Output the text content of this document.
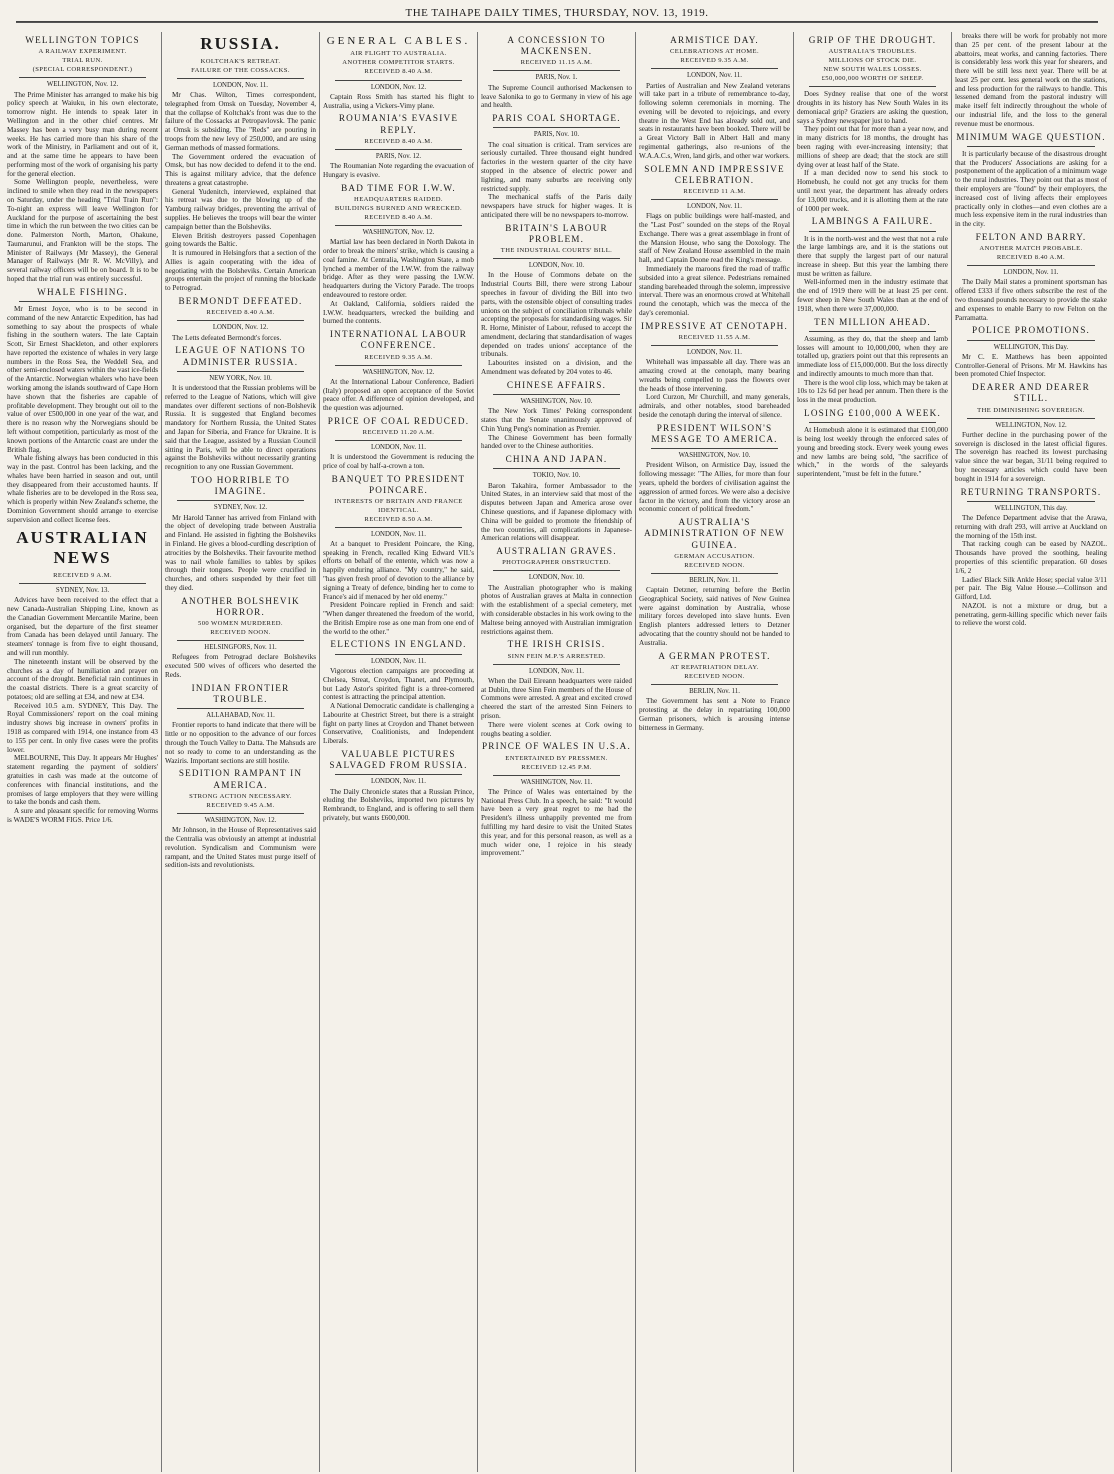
THE TAIHAPE DAILY TIMES, THURSDAY, NOV. 13, 1919.
WELLINGTON TOPICS
A RAILWAY EXPERIMENT.
TRIAL RUN.
(SPECIAL CORRESPONDENT.)
WELLINGTON, Nov. 12.

The Prime Minister has arranged to make his big policy speech at Waiuku, in his own electorate, tomorrow night. He intends to speak later in Wellington and in the other chief centres. Mr Massey has been a very busy man during recent weeks. He has carried more than his share of the work of the Ministry, in Parliament and out of it, and at the same time he appears to have been performing most of the work of organising his party for the general election.

Some Wellington people, nevertheless, were inclined to smile when they read in the newspapers on Saturday, under the heading "Trial Train Run": To-night an express will leave Wellington for Auckland for the purpose of ascertaining the best time in which the run between the two cities can be done. Palmerston North, Marton, Ohakune, Taumarunui, and Frankton will be the stops. The Minister of Railways (Mr Massey), the General Manager of Railways (Mr R. W. McVilly), and several railway officers will be on board. It is to be hoped that the trial run was entirely successful.

WHALE FISHING.

Mr Ernest Joyce, who is to be second in command of the new Antarctic Expedition, has had something to say about the prospects of whale fishing in the southern waters. The late Captain Scott, Sir Ernest Shackleton, and other explorers have reported the existence of whales in very large numbers in the Ross Sea, the Weddell Sea, and other semi-enclosed waters within the vast ice-fields of the Antarctic. Norwegian whalers who have been working among the islands southward of Cape Horn have shown that the fisheries are capable of profitable development. They brought out oil to the value of over £500,000 in one year of the war, and there is no reason why the Norwegians should be left without competition, particularly as most of the known portions of the Antarctic coast are under the British flag.

Whale fishing always has been conducted in this way in the past. Control has been lacking, and the whales have been harried in season and out, until they disappeared from their accustomed haunts. If whale fisheries are to be developed in the Ross sea, which is properly within New Zealand's scheme, the Dominion Government should arrange to exercise supervision and collect license fees.

AUSTRALIAN NEWS
RECEIVED 9 A.M.
SYDNEY, Nov. 13.

Advices have been received to the effect that a new Canada-Australian Shipping Line, known as the Canadian Government Mercantile Marine, been organised, but the departure of the first steamer from Canada has been delayed until January. The steamers' tonnage is from five to eight thousand, and will run monthly.

The nineteenth instant will be observed by the churches as a day of humiliation and prayer on account of the drought. Beneficial rain continues in the coastal districts. There is a great scarcity of potatoes; old are selling at £34, and new at £34.

Received 10.5 a.m. SYDNEY, This Day. The Royal Commissioners' report on the coal mining industry shows big increase in owners' profits in 1918 as compared with 1914, one instance from 43 to 155 per cent. In only five cases were the profits lower.

MELBOURNE, This Day. It appears Mr Hughes' statement regarding the payment of soldiers' gratuities in cash was made at the outcome of conferences with financial institutions, and the promises of large employers that they were willing to take the bonds and cash them.

A sure and pleasant specific for removing Worms is WADE'S WORM FIGS. Price 1/6.

RUSSIA.
KOLTCHAK'S RETREAT.
FAILURE OF THE COSSACKS.
LONDON, Nov. 11.

Mr Chas. Wilton, Times correspondent, telegraphed from Omsk on Tuesday, November 4, that the collapse of Koltchak's front was due to the failure of the Cossacks at Petropavlovsk. The panic at Omsk is subsiding. The "Reds" are pouring in troops from the new levy of 250,000, and are using German methods of massed formations.

The Government ordered the evacuation of Omsk, but has now decided to defend it to the end. This is against military advice, that the defence threatens a great catastrophe.

General Yudenitch, interviewed, explained that his retreat was due to the blowing up of the Yamburg railway bridges, preventing the arrival of supplies. He believes the troops will bear the winter campaign better than the Bolsheviks.

Eleven British destroyers passed Copenhagen going towards the Baltic.

It is rumoured in Helsingfors that a section of the Allies is again cooperating with the idea of negotiating with the Bolsheviks. Certain American groups entertain the project of running the blockade to Petrograd.

BERMONDT DEFEATED.
RECEIVED 8.40 A.M.
LONDON, Nov. 12.

The Letts defeated Bermondt's forces.

LEAGUE OF NATIONS TO ADMINISTER RUSSIA.
NEW YORK, Nov. 10.

It is understood that the Russian problems will be referred to the League of Nations, which will give mandates over different sections of non-Bolshevik Russia. It is suggested that England becomes mandatory for Northern Russia, the United States and Japan for Siberia, and France for Ukraine. It is said that the League, assisted by a Russian Council sitting in Paris, will be able to direct operations against the Bolsheviks without necessarily granting recognition to any one Russian Government.

TOO HORRIBLE TO IMAGINE.
SYDNEY, Nov. 12.

Mr Harold Tanner has arrived from Finland with the object of developing trade between Australia and Finland. He assisted in fighting the Bolsheviks in Finland. He gives a blood-curdling description of atrocities by the Bolsheviks. Their favourite method was to nail whole families to tables by spikes through their tongues. People were crucified in churches, and others suspended by their feet till they died.

ANOTHER BOLSHEVIK HORROR.
500 WOMEN MURDERED.
RECEIVED NOON.
HELSINGFORS, Nov. 11.

Refugees from Petrograd declare Bolsheviks executed 500 wives of officers who deserted the Reds.

INDIAN FRONTIER TROUBLE.
ALLAHABAD, Nov. 11.

Frontier reports to hand indicate that there will be little or no opposition to the advance of our forces through the Touch Valley to Datta. The Mahsuds are not so ready to come to an understanding as the Waziris. Important sections are still hostile.

SEDITION RAMPANT IN AMERICA.
STRONG ACTION NECESSARY.
RECEIVED 9.45 A.M.
WASHINGTON, Nov. 12.

Mr Johnson, in the House of Representatives said the Centralia was obviously an attempt at industrial revolution. Syndicalism and Communism were rampant, and the United States must purge itself of sedition-ists and revolutionists.

GENERAL CABLES.
AIR FLIGHT TO AUSTRALIA.
ANOTHER COMPETITOR STARTS.
RECEIVED 8.40 A.M.
LONDON, Nov. 12.

Captain Ross Smith has started his flight to Australia, using a Vickers-Vimy plane.

ROUMANIA'S EVASIVE REPLY.
RECEIVED 8.40 A.M.
PARIS, Nov. 12.

The Roumanian Note regarding the evacuation of Hungary is evasive.

BAD TIME FOR I.W.W.
HEADQUARTERS RAIDED.
BUILDINGS BURNED AND WRECKED.
RECEIVED 8.40 A.M.
WASHINGTON, Nov. 12.

Martial law has been declared in North Dakota in order to break the miners' strike, which is causing a coal famine. At Centralia, Washington State, a mob lynched a member of the I.W.W. from the railway bridge. After as they were passing the I.W.W. headquarters during the Victory Parade. The troops endeavoured to restore order.

At Oakland, California, soldiers raided the I.W.W. headquarters, wrecked the building and burned the contents.

INTERNATIONAL LABOUR CONFERENCE.
RECEIVED 9.35 A.M.
WASHINGTON, Nov. 12.

At the International Labour Conference, Badieri (Italy) proposed an open acceptance of the Soviet peace offer. A difference of opinion developed, and the question was adjourned.

PRICE OF COAL REDUCED.
RECEIVED 11.20 A.M.
LONDON, Nov. 11.

It is understood the Government is reducing the price of coal by half-a-crown a ton.

BANQUET TO PRESIDENT POINCARE.
INTERESTS OF BRITAIN AND FRANCE IDENTICAL.
RECEIVED 8.50 A.M.
LONDON, Nov. 11.

At a banquet to President Poincare, the King, speaking in French, recalled King Edward VII.'s efforts on behalf of the entente, which was now a happily enduring alliance. "My country," he said, "has given fresh proof of devotion to the alliance by signing a Treaty of defence, binding her to come to France's aid if menaced by her old enemy."

President Poincare replied in French and said: "When danger threatened the freedom of the world, the British Empire rose as one man from one end of the world to the other."

ELECTIONS IN ENGLAND.
LONDON, Nov. 11.

Vigorous election campaigns are proceeding at Chelsea, Streat, Croydon, Thanet, and Plymouth, but Lady Astor's spirited fight is a three-cornered contest is attracting the principal attention.

A National Democratic candidate is challenging a Labourite at Chestrict Street, but there is a straight fight on party lines at Croydon and Thanet between Conservative, Coalitionists, and Independent Liberals.

VALUABLE PICTURES SALVAGED FROM RUSSIA.
LONDON, Nov. 11.

The Daily Chronicle states that a Russian Prince, eluding the Bolsheviks, imported two pictures by Rembrandt, to England, and is offering to sell them privately, but wants £600,000.

A CONCESSION TO MACKENSEN.
RECEIVED 11.15 A.M.
PARIS, Nov. 1.

The Supreme Council authorised Mackensen to leave Salonika to go to Germany in view of his age and health.

PARIS COAL SHORTAGE.
PARIS, Nov. 10.

The coal situation is critical. Tram services are seriously curtailed. Three thousand eight hundred factories in the western quarter of the city have stopped in the absence of electric power and lighting, and many suburbs are receiving only restricted supply.

The mechanical staffs of the Paris daily newspapers have struck for higher wages. It is anticipated there will be no newspapers to-morrow.

BRITAIN'S LABOUR PROBLEM.
THE INDUSTRIAL COURTS' BILL.
LONDON, Nov. 10.

In the House of Commons debate on the Industrial Courts Bill, there were strong Labour speeches in favour of dividing the Bill into two parts, with the ostensible object of consulting trades unions on the subject of conciliation tribunals while accepting the proposals for standardising wages. Sir R. Horne, Minister of Labour, refused to accept the amendment, declaring that standardisation of wages depended on trades unions' acceptance of the tribunals.

Labourites insisted on a division, and the Amendment was defeated by 204 votes to 46.

CHINESE AFFAIRS.
WASHINGTON, Nov. 10.

The New York Times' Peking correspondent states that the Senate unanimously approved of Chin Yung Peng's nomination as Premier.

The Chinese Government has been formally handed over to the Chinese authorities.

CHINA AND JAPAN.
TOKIO, Nov. 10.

Baron Takahira, former Ambassador to the United States, in an interview said that most of the disputes between Japan and America arose over Chinese questions, and if Japanese diplomacy with China will be guided to promote the friendship of the two countries, all complications in Japanese-American relations will disappear.

AUSTRALIAN GRAVES.
PHOTOGRAPHER OBSTRUCTED.
LONDON, Nov. 10.

The Australian photographer who is making photos of Australian graves at Malta in connection with the establishment of a special cemetery, met with considerable obstacles in his work owing to the Maltese being annoyed with Australian immigration restrictions against them.

THE IRISH CRISIS.
SINN FEIN M.P.'S ARRESTED.
LONDON, Nov. 11.

When the Dail Eireann headquarters were raided at Dublin, three Sinn Fein members of the House of Commons were arrested. A great and excited crowd cheered the start of the arrested Sinn Feiners to prison.

There were violent scenes at Cork owing to roughs beating a soldier.

PRINCE OF WALES IN U.S.A.
ENTERTAINED BY PRESSMEN.
RECEIVED 12.45 P.M.
WASHINGTON, Nov. 11.

The Prince of Wales was entertained by the National Press Club. In a speech, he said: "It would have been a very great regret to me had the President's illness unhappily prevented me from fulfilling my hard desire to visit the United States this year, and for this personal reason, as well as a much wider one, I rejoice in his steady improvement."

ARMISTICE DAY.
CELEBRATIONS AT HOME.
RECEIVED 9.35 A.M.
LONDON, Nov. 11.

Parties of Australian and New Zealand veterans will take part in a tribute of remembrance to-day, following solemn ceremonials in morning. The evening will be devoted to rejoicings, and every theatre in the West End has already sold out, and seats in restaurants have been booked. There will be a Great Victory Ball in Albert Hall and many regimental gatherings, also re-unions of the W.A.A.C.s, Wren, land girls, and other war workers.

SOLEMN AND IMPRESSIVE CELEBRATION.
RECEIVED 11 A.M.
LONDON, Nov. 11.

Flags on public buildings were half-masted, and the "Last Post" sounded on the steps of the Royal Exchange. There was a great assemblage in front of the Mansion House, who sang the Doxology. The staff of New Zealand House assembled in the main hall, and Captain Doone read the King's message.

Immediately the maroons fired the road of traffic subsided into a great silence. Pedestrians remained standing bareheaded through the solemn, impressive interval. There was an enormous crowd at Whitehall round the cenotaph, which was the mecca of the day's ceremonial.

IMPRESSIVE AT CENOTAPH.
RECEIVED 11.55 A.M.
LONDON, Nov. 11.

Whitehall was impassable all day. There was an amazing crowd at the cenotaph, many bearing wreaths being compelled to pass the flowers over the heads of those intervening.

Lord Curzon, Mr Churchill, and many generals, admirals, and other notables, stood bareheaded beside the cenotaph during the interval of silence.

PRESIDENT WILSON'S MESSAGE TO AMERICA.
WASHINGTON, Nov. 10.

President Wilson, on Armistice Day, issued the following message: "The Allies, for more than four years, upheld the borders of civilisation against the aggression of armed forces. We were also a decisive factor in the victory, and from the victory arose an economic concert of political freedom."

AUSTRALIA'S ADMINISTRATION OF NEW GUINEA.
GERMAN ACCUSATION.
RECEIVED NOON.
BERLIN, Nov. 11.

Captain Detzner, returning before the Berlin Geographical Society, said natives of New Guinea were against domination by Australia, whose military forces developed into slave hunts. Even English planters addressed letters to Detzner advocating that the country should not be handed to Australia.

A GERMAN PROTEST.
AT REPATRIATION DELAY.
RECEIVED NOON.
BERLIN, Nov. 11.

The Government has sent a Note to France protesting at the delay in repatriating 100,000 German prisoners, which is arousing intense bitterness in Germany.

GRIP OF THE DROUGHT.
AUSTRALIA'S TROUBLES.
MILLIONS OF STOCK DIE.
NEW SOUTH WALES LOSSES.
£50,000,000 WORTH OF SHEEP.

Does Sydney realise that one of the worst droughts in its history has New South Wales in its demoniacal grip? Graziers are asking the question, says a Sydney newspaper just to hand.

They point out that for more than a year now, and in many districts for 18 months, the drought has been raging with ever-increasing intensity; that millions of sheep are dead; that the stock are still dying over at least half of the State.

If a man decided now to send his stock to Homebush, he could not get any trucks for them until next year, the department has already orders for 13,000 trucks, and it is allotting them at the rate of 1000 per week.

LAMBINGS A FAILURE.

It is in the north-west and the west that not a rule the large lambings are, and it is the stations out there that supply the largest part of our natural increase in sheep. But this year the lambing there must be written as failure.

Well-informed men in the industry estimate that the end of 1919 there will be at least 25 per cent. fewer sheep in New South Wales than at the end of 1918, when there were 37,000,000.

TEN MILLION AHEAD.

Assuming, as they do, that the sheep and lamb losses will amount to 10,000,000, when they are totalled up, graziers point out that this represents an immediate loss of £15,000,000. But the loss directly and indirectly amounts to much more than that.

There is the wool clip loss, which may be taken at 10s to 12s 6d per head per annum. Then there is the loss in the meat production.

LOSING £100,000 A WEEK.

At Homebush alone it is estimated that £100,000 is being lost weekly through the enforced sales of young and breeding stock. Every week young ewes and new lambs are being sold, "the sacrifice of which," in the words of the saleyards superintendent, "must be felt in the future."

breaks there will be work for probably not more than 25 per cent. of the present labour at the abattoirs, meat works, and canning factories. There is considerably less work this year for shearers, and there will be still less next year. There will be at least 25 per cent. less general work on the stations, and less production for the railways to handle. This lessened demand from the pastoral industry will make itself felt indirectly throughout the whole of our industrial life, and the loss to the general revenue must be enormous.

MINIMUM WAGE QUESTION.

It is particularly because of the disastrous drought that the Producers' Associations are asking for a postponement of the application of a minimum wage to the rural industries. They point out that as most of their employers are "found" by their employers, the increased cost of living affects their employees practically only in clothes—and even clothes are a much less expensive item in the rural industries than in the city.

FELTON AND BARRY.
ANOTHER MATCH PROBABLE.
RECEIVED 8.40 A.M.
LONDON, Nov. 11.

The Daily Mail states a prominent sportsman has offered £333 if five others subscribe the rest of the two thousand pounds necessary to provide the stake and expenses to enable Barry to row Felton on the Parramatta.

POLICE PROMOTIONS.
WELLINGTON, This Day.

Mr C. E. Matthews has been appointed Controller-General of Prisons. Mr M. Hawkins has been promoted Chief Inspector.

DEARER AND DEARER STILL.
THE DIMINISHING SOVEREIGN.
WELLINGTON, Nov. 12.

Further decline in the purchasing power of the sovereign is disclosed in the latest official figures. The sovereign has reached its lowest purchasing value since the war began, 31/11 being required to buy necessary articles which could have been bought in 1914 for a sovereign.

RETURNING TRANSPORTS.
WELLINGTON, This day.

The Defence Department advise that the Arawa, returning with draft 293, will arrive at Auckland on the morning of the 15th inst.

That racking cough can be eased by NAZOL. Thousands have proved the soothing, healing properties of this scientific preparation. 60 doses 1/6, 2

Ladies' Black Silk Ankle Hose; special value 3/11 per pair. The Big Value House.—Collinson and Gilford, Ltd.

NAZOL is not a mixture or drug, but a penetrating, germ-killing specific which never fails to relieve the worst cold.
